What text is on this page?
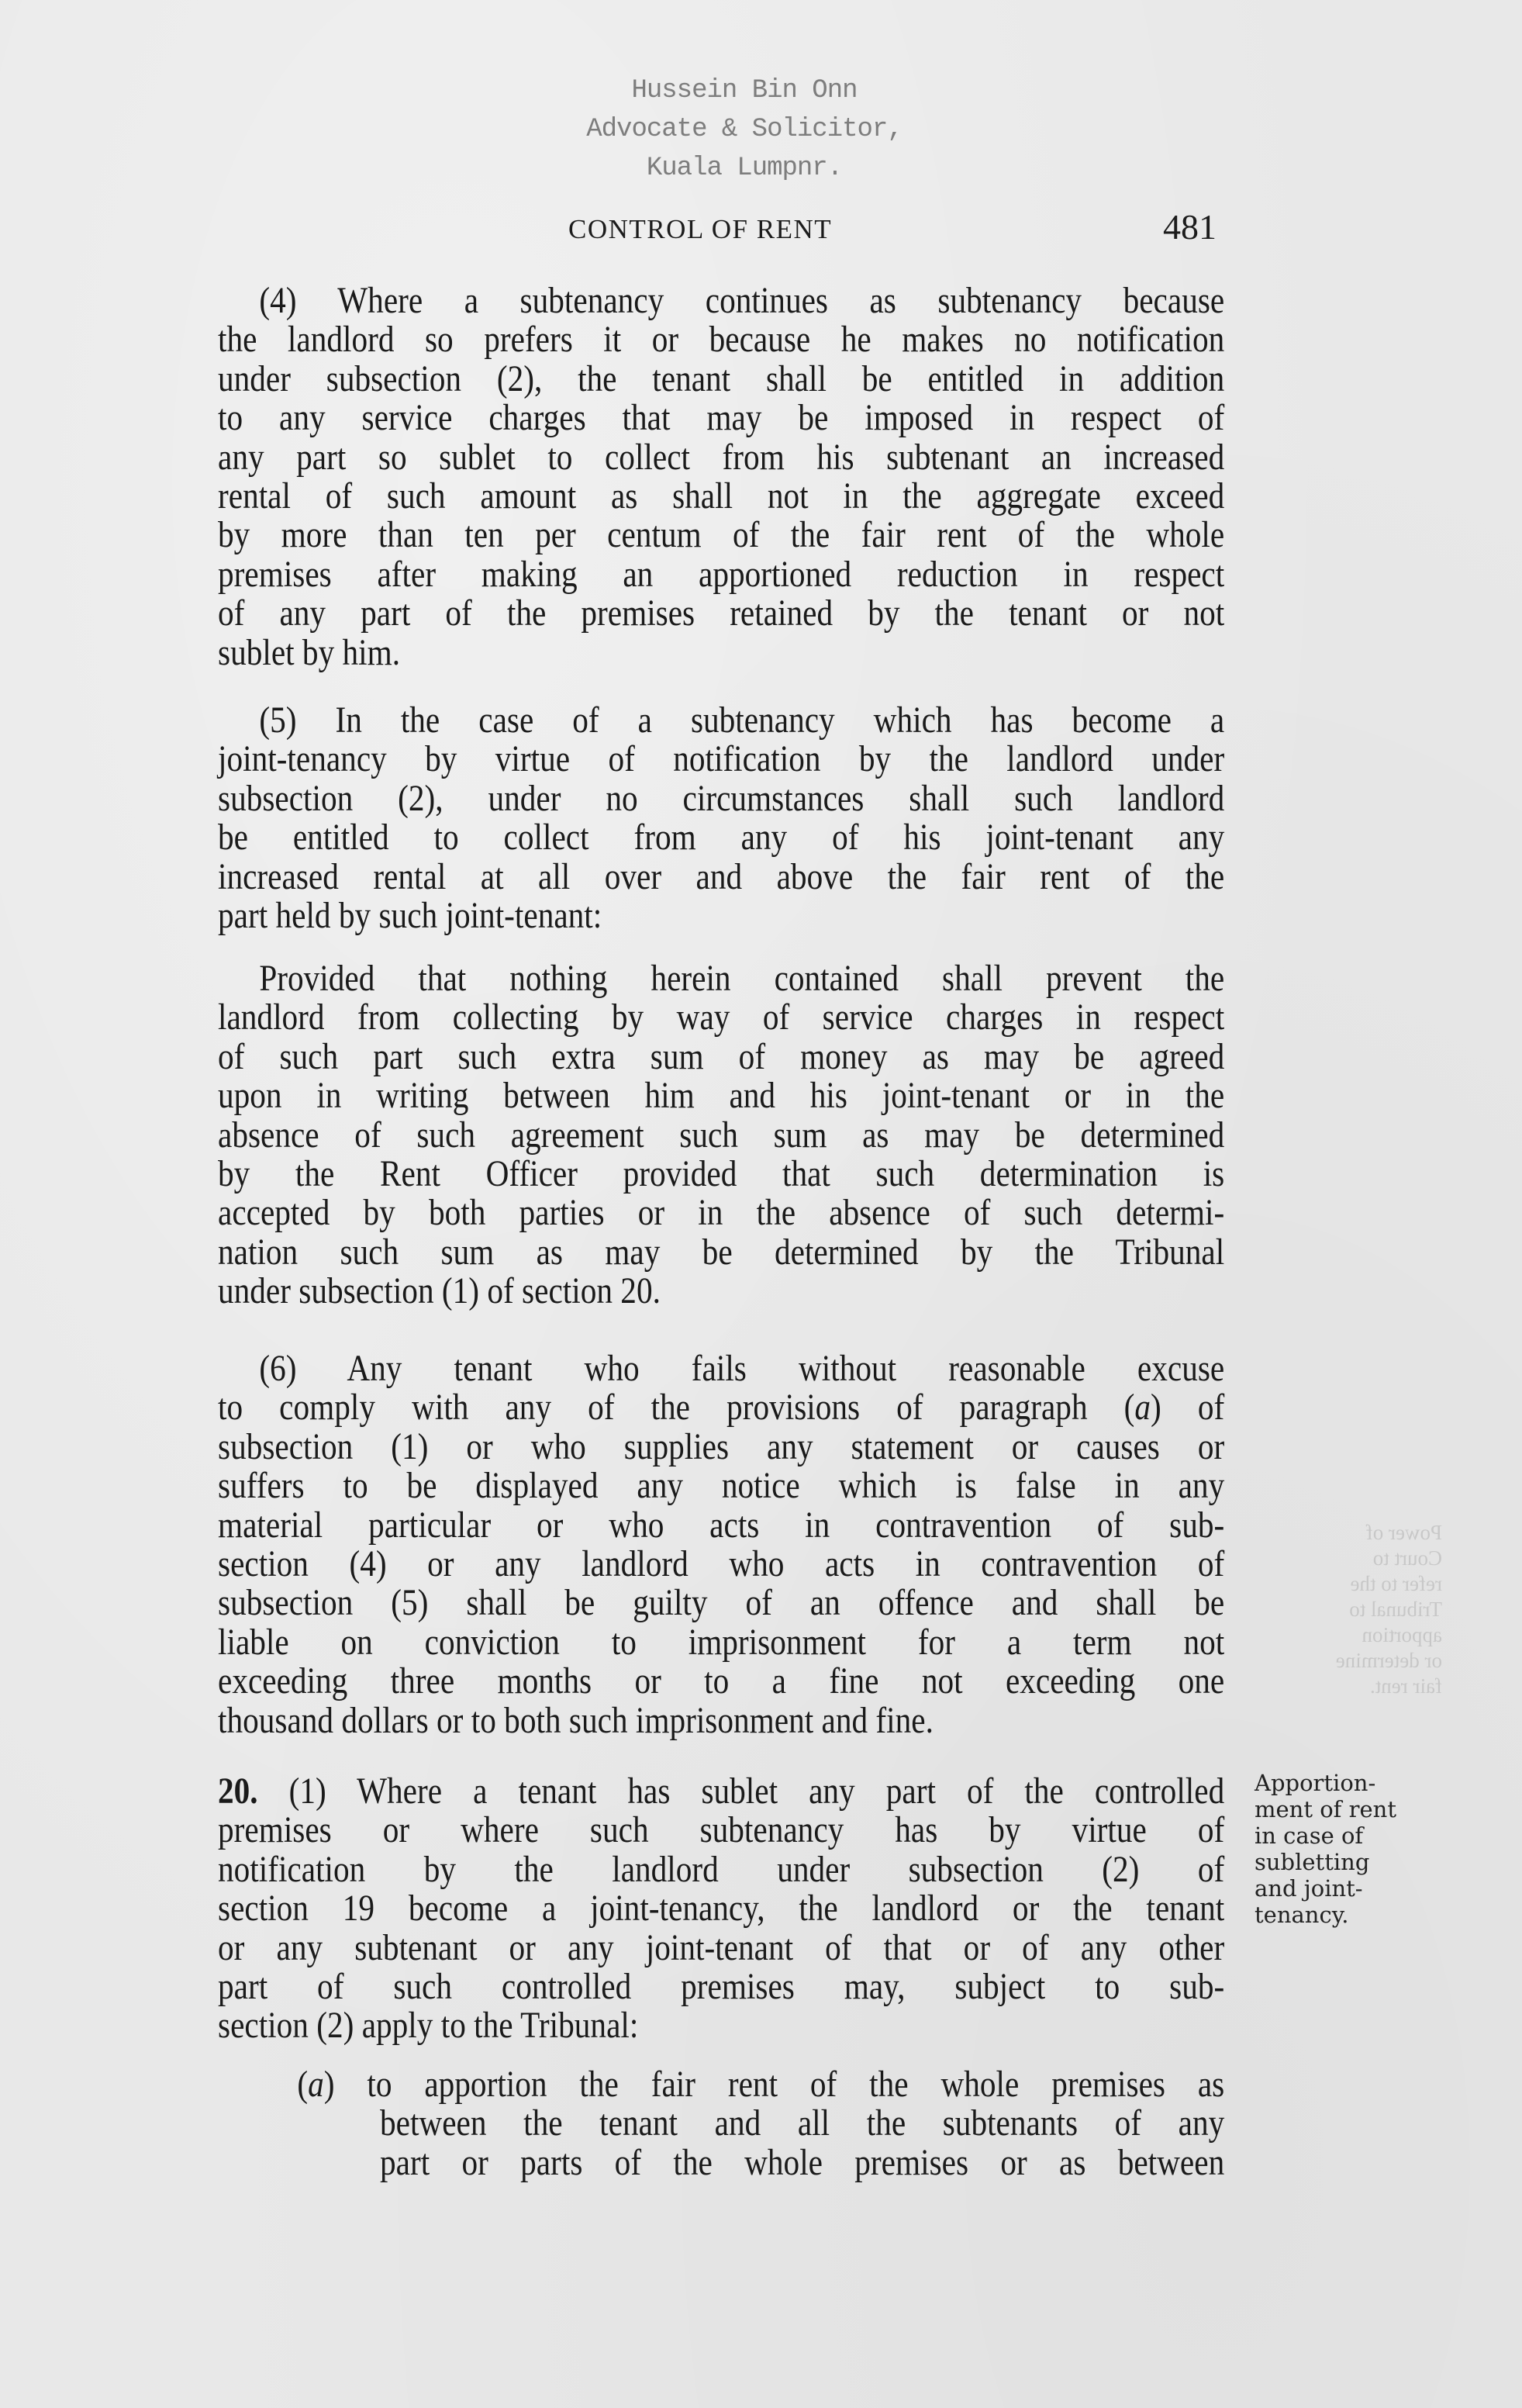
Hussein Bin Onn
Advocate & Solicitor,
Kuala Lumpnr.
CONTROL OF RENT	481
(4) Where a subtenancy continues as subtenancy because
the landlord so prefers it or because he makes no notification
under subsection (2), the tenant shall be entitled in addition
to any service charges that may be imposed in respect of
any part so sublet to collect from his subtenant an increased
rental of such amount as shall not in the aggregate exceed
by more than ten per centum of the fair rent of the whole
premises after making an apportioned reduction in respect
of any part of the premises retained by the tenant or not
sublet by him.
(5) In the case of a subtenancy which has become a
joint-tenancy by virtue of notification by the landlord under
subsection (2), under no circumstances shall such landlord
be entitled to collect from any of his joint-tenant any
increased rental at all over and above the fair rent of the
part held by such joint-tenant:
Provided that nothing herein contained shall prevent the
landlord from collecting by way of service charges in respect
of such part such extra sum of money as may be agreed
upon in writing between him and his joint-tenant or in the
absence of such agreement such sum as may be determined
by the Rent Officer provided that such determination is
accepted by both parties or in the absence of such determi-
nation such sum as may be determined by the Tribunal
under subsection (1) of section 20.
(6) Any tenant who fails without reasonable excuse
to comply with any of the provisions of paragraph (a) of
subsection (1) or who supplies any statement or causes or
suffers to be displayed any notice which is false in any
material particular or who acts in contravention of sub-
section (4) or any landlord who acts in contravention of
subsection (5) shall be guilty of an offence and shall be
liable on conviction to imprisonment for a term not
exceeding three months or to a fine not exceeding one
thousand dollars or to both such imprisonment and fine.
20. (1) Where a tenant has sublet any part of the controlled
premises or where such subtenancy has by virtue of
notification by the landlord under subsection (2) of
section 19 become a joint-tenancy, the landlord or the tenant
or any subtenant or any joint-tenant of that or of any other
part of such controlled premises may, subject to sub-
section (2) apply to the Tribunal:
(a) to apportion the fair rent of the whole premises as
between the tenant and all the subtenants of any
part or parts of the whole premises or as between
Apportion-
ment of rent
in case of
subletting
and joint-
tenancy.
Power of
Court to
refer to the
Tribunal to
apportion
or determine
fair rent.
